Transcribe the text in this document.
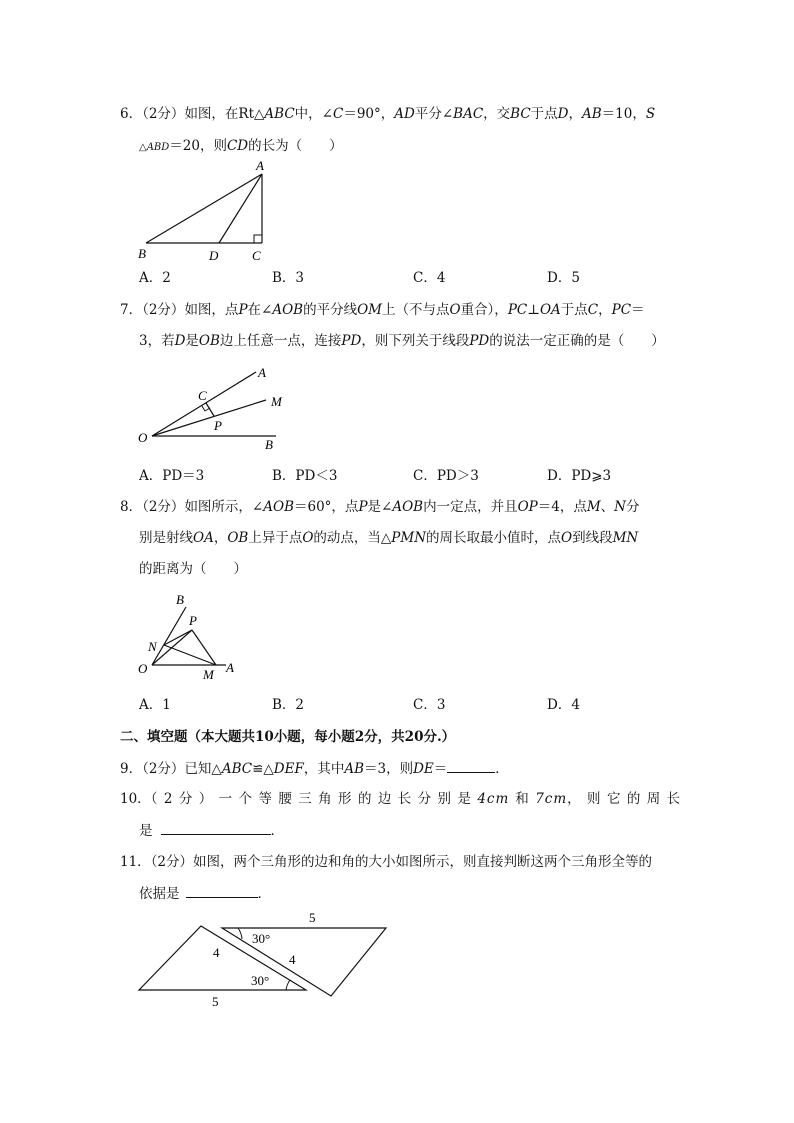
6．（2分）如图，在Rt△ABC中，∠C＝90°，AD平分∠BAC，交BC于点D，AB＝10，S
△ABD＝20，则CD的长为（　　）
A
B	D	C
A．2	B．3	C．4	D．5
7．（2分）如图，点P在∠AOB的平分线OM上（不与点O重合），PC⊥OA于点C，PC＝
3，若D是OB边上任意一点，连接PD，则下列关于线段PD的说法一定正确的是（　　）
A
C	M
P
O	B
A．PD＝3	B．PD＜3	C．PD＞3	D．PD⩾3
8．（2分）如图所示，∠AOB＝60°，点P是∠AOB内一定点，并且OP＝4，点M、N分
别是射线OA，OB上异于点O的动点，当△PMN的周长取最小值时，点O到线段MN
的距离为（　　）
B
P
N
O	M A
A．1	B．2	C．3	D．4
二、填空题（本大题共10小题，每小题2分，共20分.）
9．（2分）已知△ABC≌△DEF，其中AB＝3，则DE＝	．
10．（2分）一个等腰三角形的边长分别是4cm 和7cm，则它的周长
是	．
11．（2分）如图，两个三角形的边和角的大小如图所示，则直接判断这两个三角形全等的
依据是	．
5
30°
4	4
30°
5
